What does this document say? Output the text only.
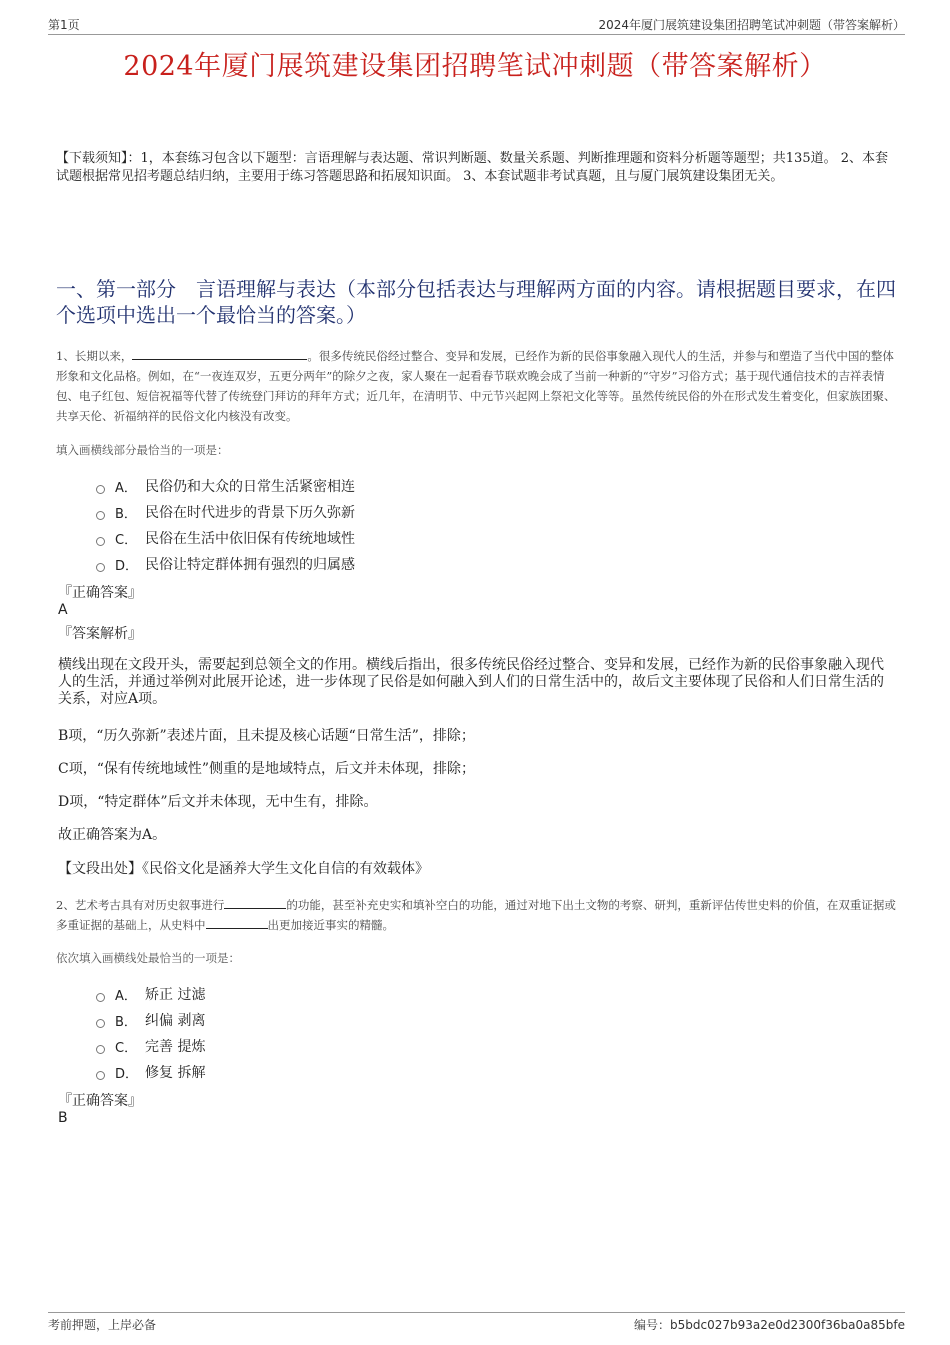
第1页	2024年厦门展筑建设集团招聘笔试冲刺题（带答案解析）
2024年厦门展筑建设集团招聘笔试冲刺题（带答案解析）
【下载须知】：1，本套练习包含以下题型：言语理解与表达题、常识判断题、数量关系题、判断推理题和资料分析题等题型；共135道。 2、本套试题根据常见招考题总结归纳，主要用于练习答题思路和拓展知识面。 3、本套试题非考试真题，且与厦门展筑建设集团无关。
一、第一部分　言语理解与表达（本部分包括表达与理解两方面的内容。请根据题目要求，在四个选项中选出一个最恰当的答案。）
1、长期以来，	。很多传统民俗经过整合、变异和发展，已经作为新的民俗事象融入现代人的生活，并参与和塑造了当代中国的整体形象和文化品格。例如，在“一夜连双岁，五更分两年”的除夕之夜，家人聚在一起看春节联欢晚会成了当前一种新的“守岁”习俗方式；基于现代通信技术的吉祥表情包、电子红包、短信祝福等代替了传统登门拜访的拜年方式；近几年，在清明节、中元节兴起网上祭祀文化等等。虽然传统民俗的外在形式发生着变化，但家族团聚、共享天伦、祈福纳祥的民俗文化内核没有改变。
填入画横线部分最恰当的一项是：
A． 民俗仍和大众的日常生活紧密相连
B． 民俗在时代进步的背景下历久弥新
C． 民俗在生活中依旧保有传统地域性
D． 民俗让特定群体拥有强烈的归属感
『正确答案』
A
『答案解析』
横线出现在文段开头，需要起到总领全文的作用。横线后指出，很多传统民俗经过整合、变异和发展，已经作为新的民俗事象融入现代人的生活，并通过举例对此展开论述，进一步体现了民俗是如何融入到人们的日常生活中的，故后文主要体现了民俗和人们日常生活的关系，对应A项。
B项，“历久弥新”表述片面，且未提及核心话题“日常生活”，排除；
C项，“保有传统地域性”侧重的是地域特点，后文并未体现，排除；
D项，“特定群体”后文并未体现，无中生有，排除。
故正确答案为A。
【文段出处】《民俗文化是涵养大学生文化自信的有效载体》
2、艺术考古具有对历史叙事进行	的功能，甚至补充史实和填补空白的功能，通过对地下出土文物的考察、研判，重新评估传世史料的价值，在双重证据或多重证据的基础上，从史料中	出更加接近事实的精髓。
依次填入画横线处最恰当的一项是：
A． 矫正 过滤
B． 纠偏 剥离
C． 完善 提炼
D． 修复 拆解
『正确答案』
B
考前押题，上岸必备	编号：b5bdc027b93a2e0d2300f36ba0a85bfe
